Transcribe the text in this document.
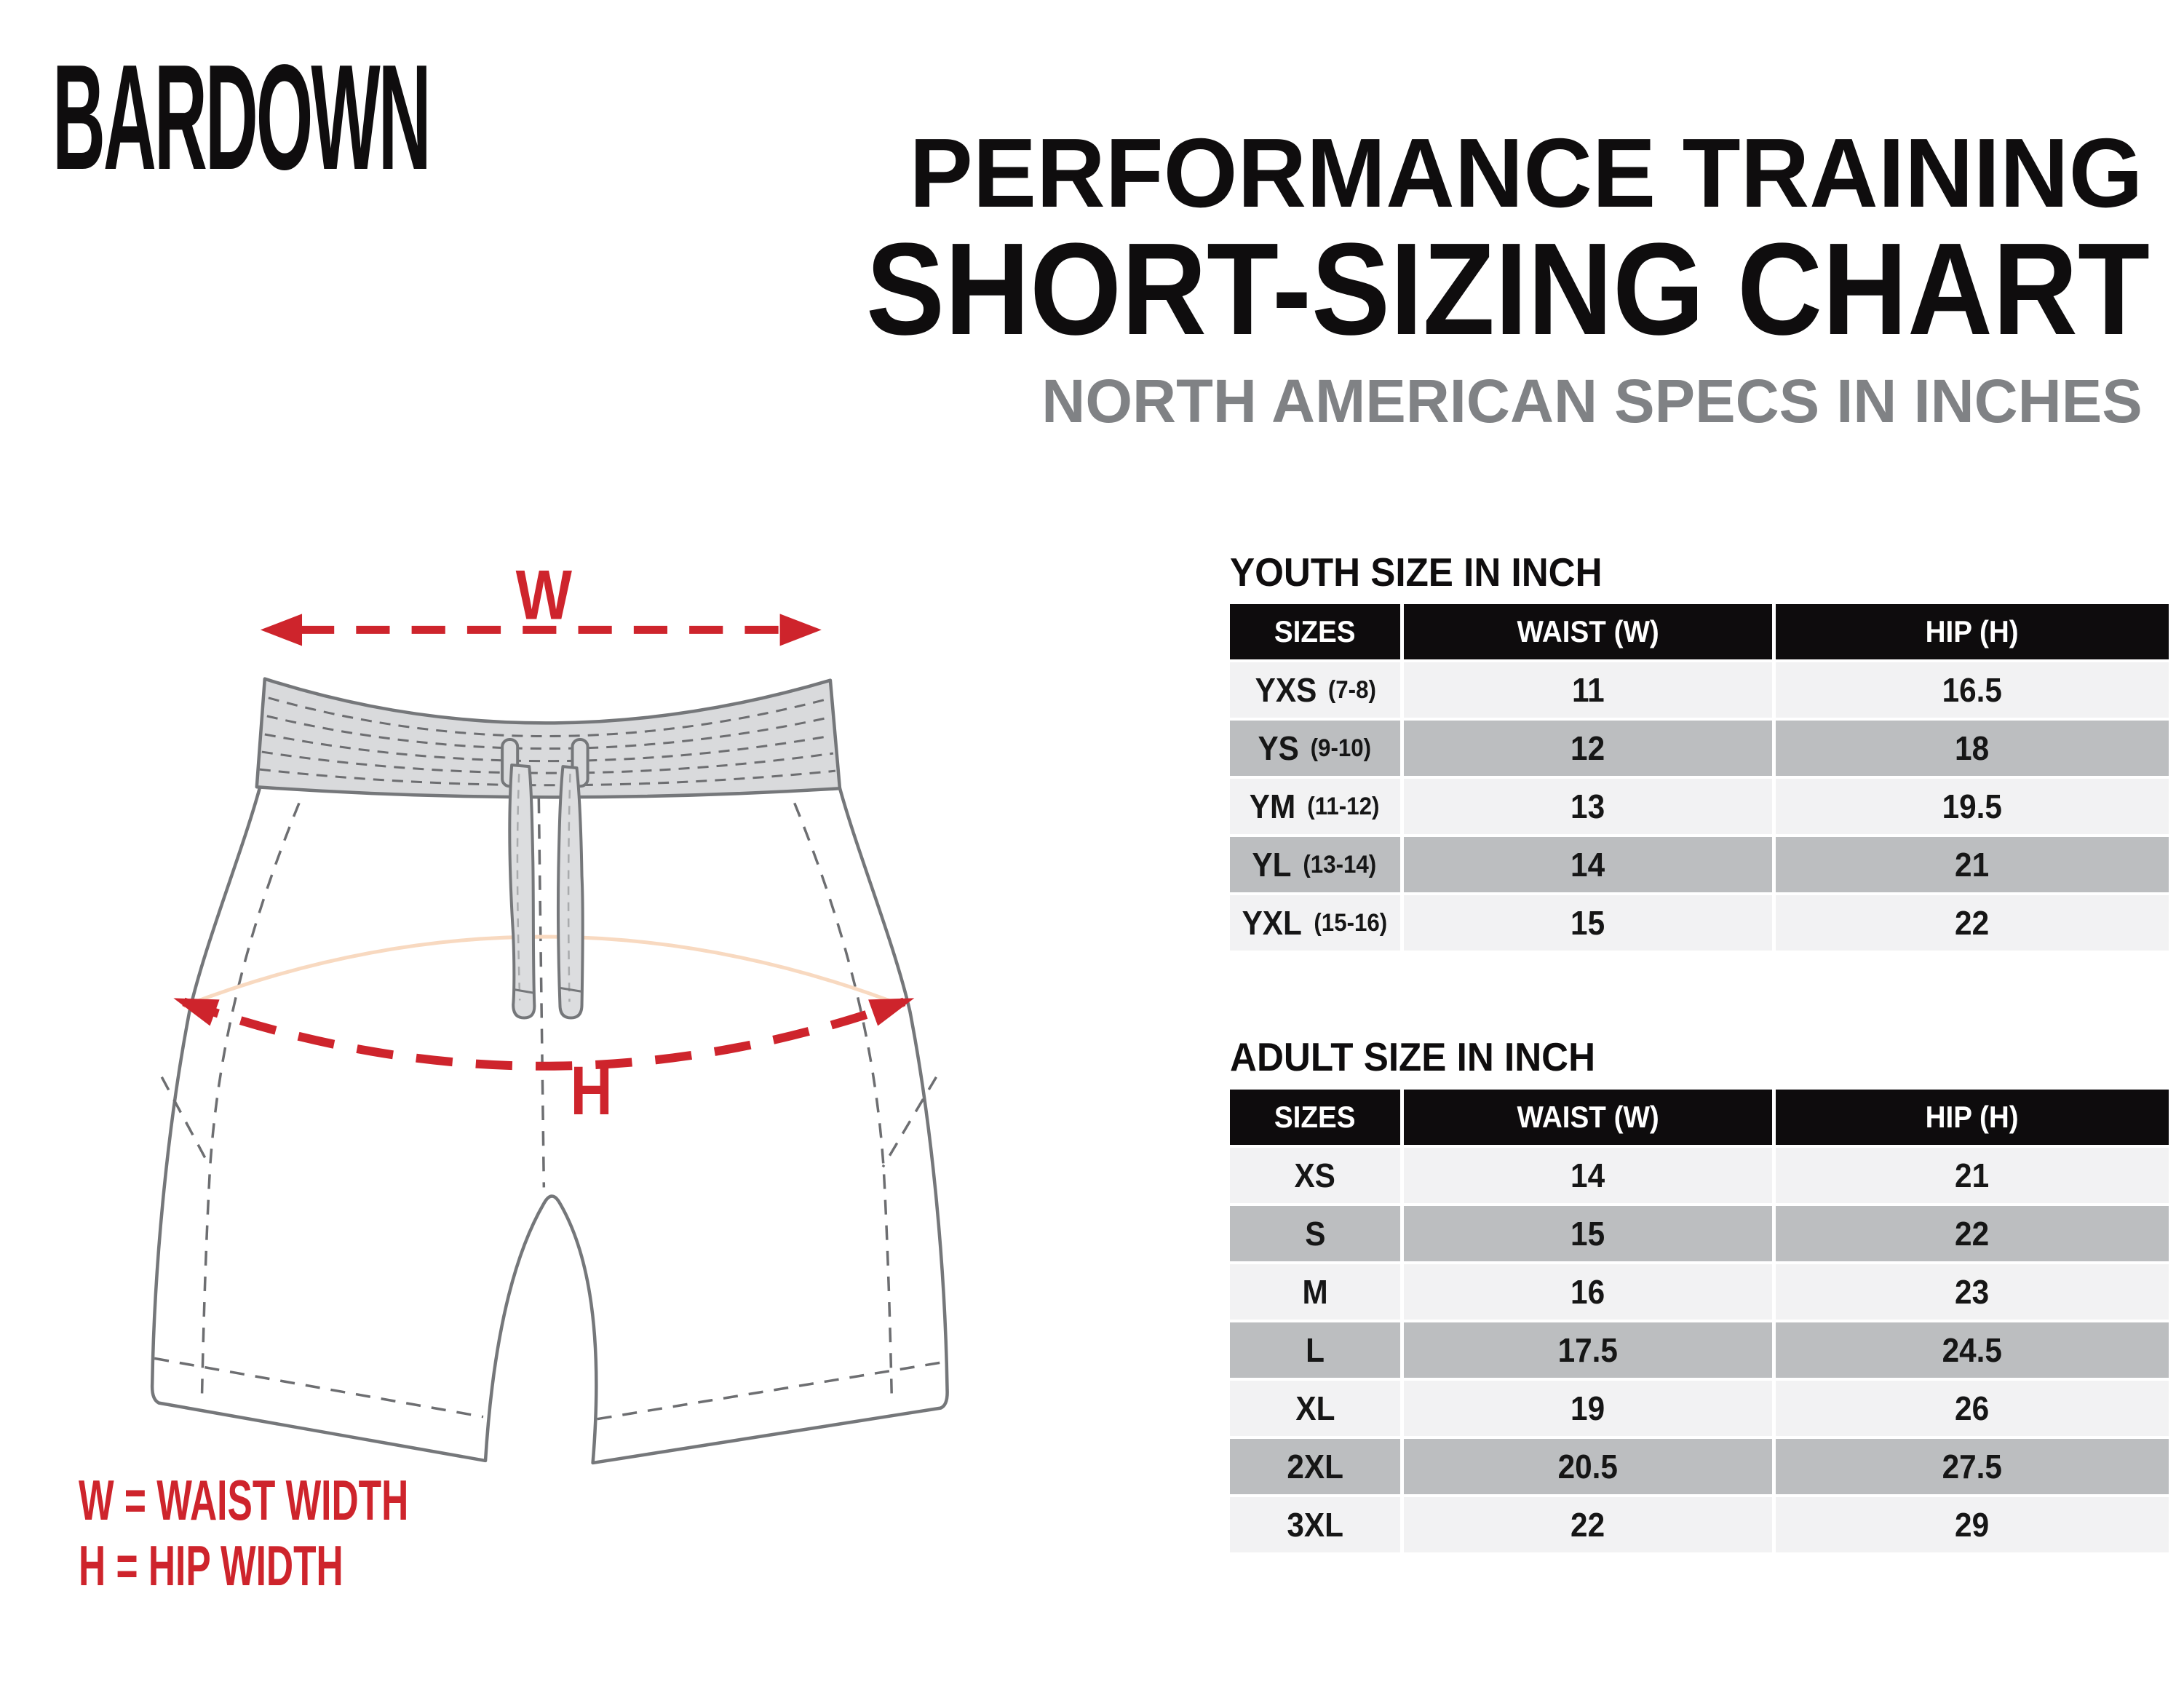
BARDOWN	PERFORMANCE TRAINING
SHORT-SIZING CHART
NORTH AMERICAN SPECS IN INCHES
W
H
W = WAIST WIDTH
H = HIP WIDTH
YOUTH SIZE IN INCH
SIZES	WAIST (W)	HIP (H)
YXS (7-8)	11	16.5
YS (9-10)	12	18
YM (11-12)	13	19.5
YL (13-14)	14	21
YXL (15-16)	15	22
ADULT SIZE IN INCH
SIZES	WAIST (W)	HIP (H)
XS	14	21
S	15	22
M	16	23
L	17.5	24.5
XL	19	26
2XL	20.5	27.5
3XL	22	29
